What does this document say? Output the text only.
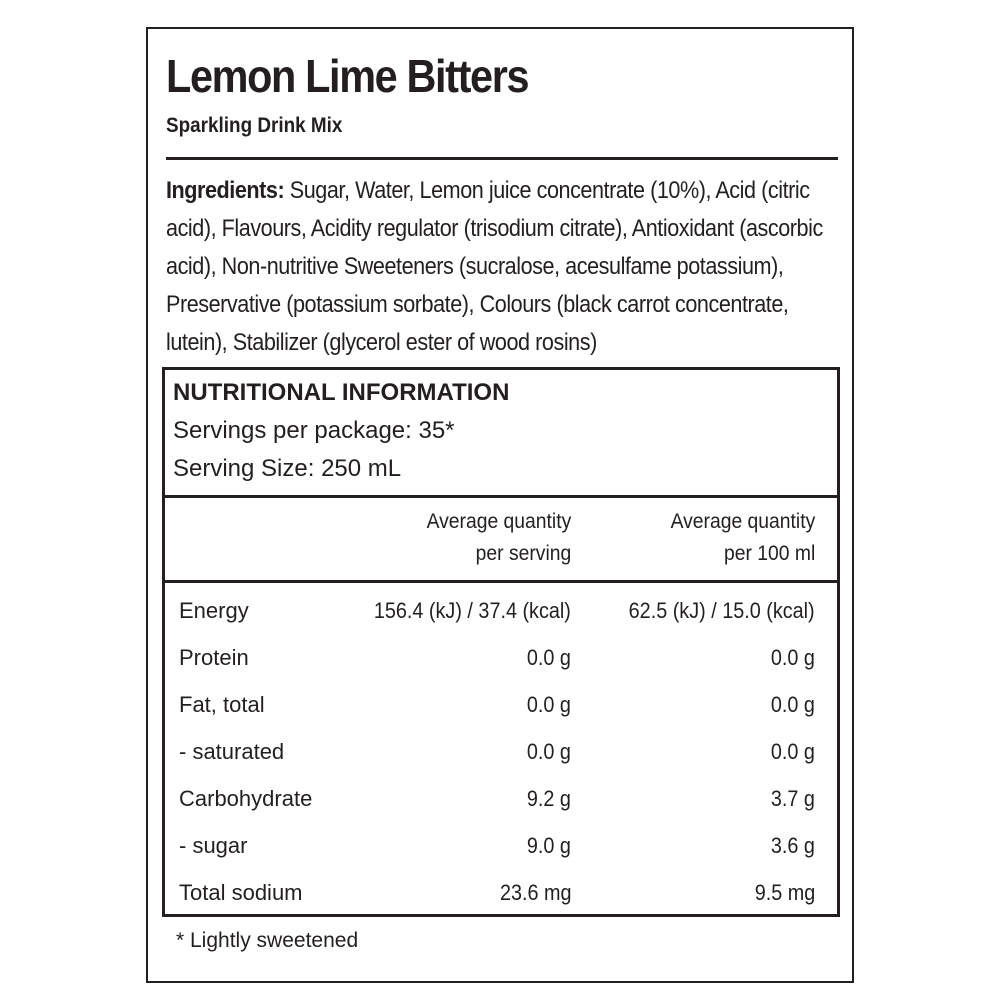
Lemon Lime Bitters
Sparkling Drink Mix
Ingredients: Sugar, Water, Lemon juice concentrate (10%), Acid (citric acid), Flavours, Acidity regulator (trisodium citrate), Antioxidant (ascorbic acid), Non-nutritive Sweeteners (sucralose, acesulfame potassium), Preservative (potassium sorbate), Colours (black carrot concentrate, lutein), Stabilizer (glycerol ester of wood rosins)
NUTRITIONAL INFORMATION
Servings per package: 35*
Serving Size: 250 mL
Average quantity
per serving
Average quantity
per 100 ml
Energy	156.4 (kJ) / 37.4 (kcal)	62.5 (kJ) / 15.0 (kcal)
Protein	0.0 g	0.0 g
Fat, total	0.0 g	0.0 g
- saturated	0.0 g	0.0 g
Carbohydrate	9.2 g	3.7 g
- sugar	9.0 g	3.6 g
Total sodium	23.6 mg	9.5 mg
* Lightly sweetened
